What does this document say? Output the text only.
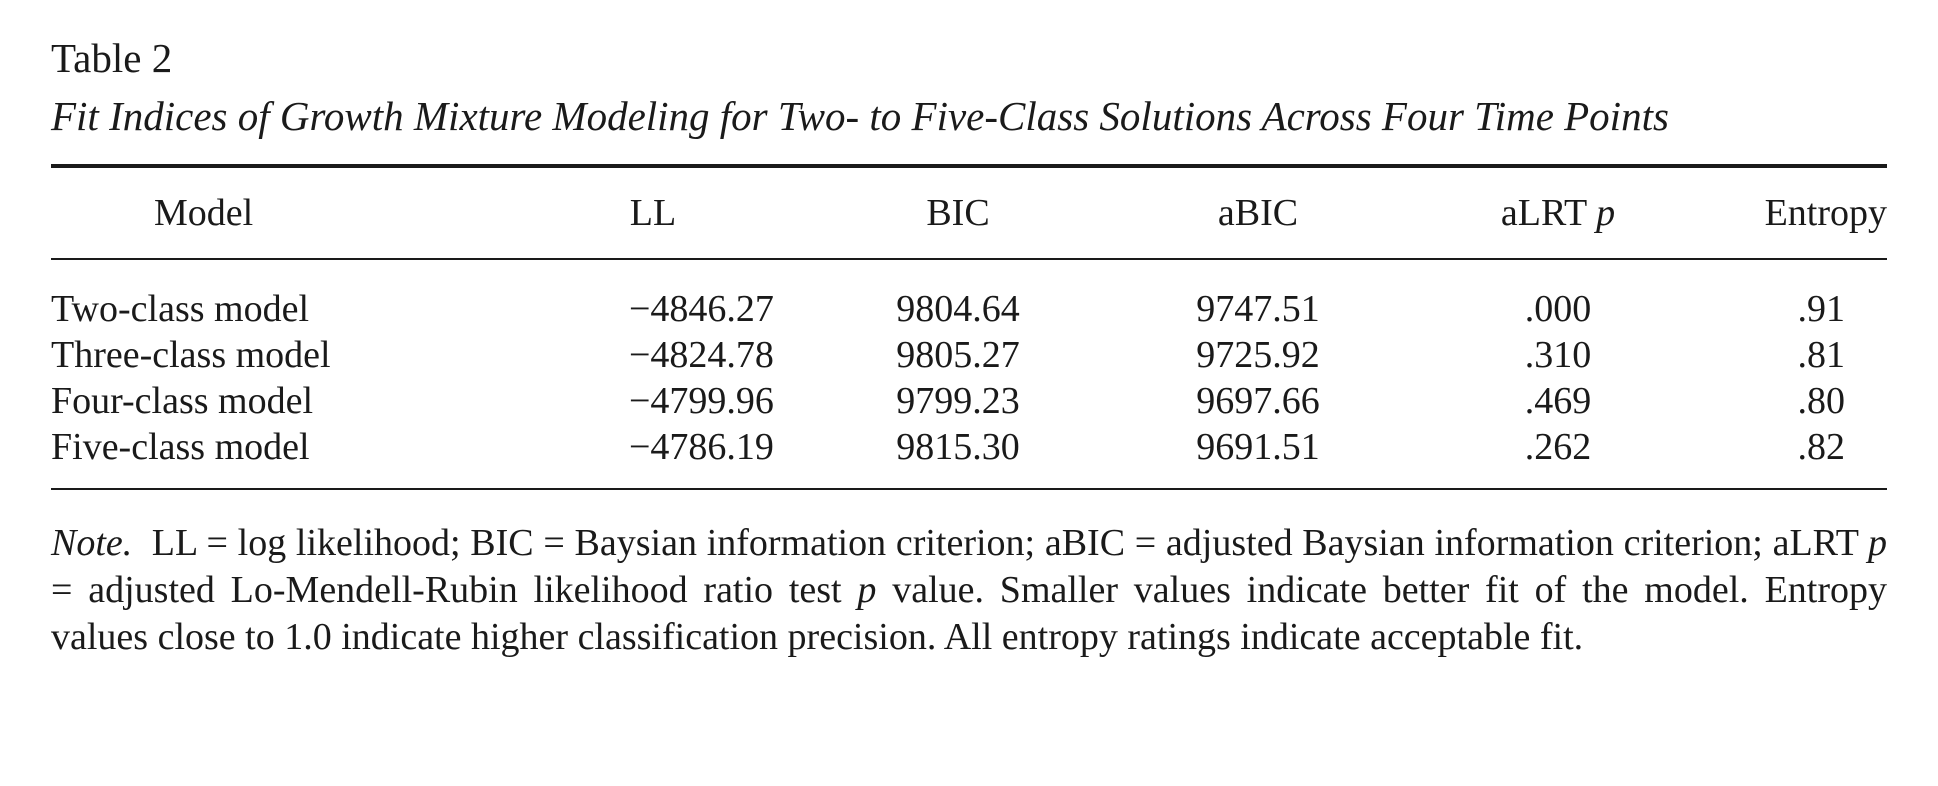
Table 2
Fit Indices of Growth Mixture Modeling for Two- to Five-Class Solutions Across Four Time Points
Model	LL	BIC	aBIC	aLRT p	Entropy

Two-class model	−4846.27	9804.64	9747.51	.000	.91
Three-class model	−4824.78	9805.27	9725.92	.310	.81
Four-class model	−4799.96	9799.23	9697.66	.469	.80
Five-class model	−4786.19	9815.30	9691.51	.262	.82
Note.  LL = log likelihood; BIC = Baysian information criterion; aBIC = adjusted Baysian information criterion; aLRT p = adjusted Lo-Mendell-Rubin likelihood ratio test p value. Smaller values indicate better fit of the model. Entropy values close to 1.0 indicate higher classification precision. All entropy ratings indicate acceptable fit.
